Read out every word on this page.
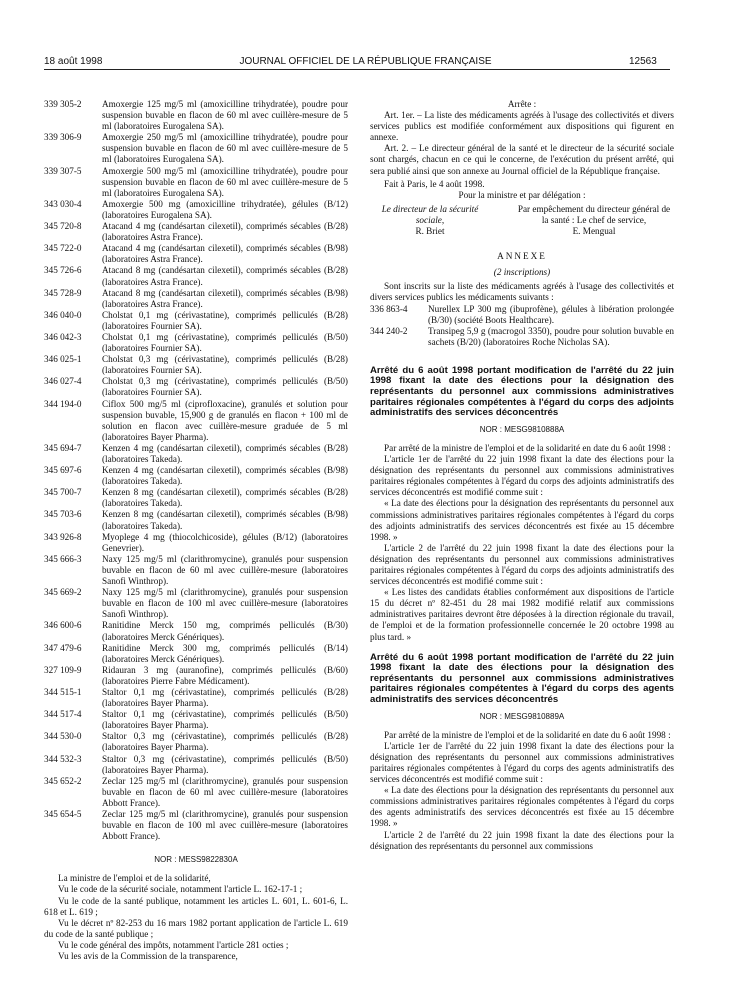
18 août 1998	JOURNAL OFFICIEL DE LA RÉPUBLIQUE FRANÇAISE	12563
339 305-2	Amoxergie 125 mg/5 ml (amoxicilline trihydratée), poudre pour suspension buvable en flacon de 60 ml avec cuillère-mesure de 5 ml (laboratoires Eurogalena SA).
339 306-9	Amoxergie 250 mg/5 ml (amoxicilline trihydratée), poudre pour suspension buvable en flacon de 60 ml avec cuillère-mesure de 5 ml (laboratoires Eurogalena SA).
339 307-5	Amoxergie 500 mg/5 ml (amoxicilline trihydratée), poudre pour suspension buvable en flacon de 60 ml avec cuillère-mesure de 5 ml (laboratoires Eurogalena SA).
343 030-4	Amoxergie 500 mg (amoxicilline trihydratée), gélules (B/12) (laboratoires Eurogalena SA).
345 720-8	Atacand 4 mg (candésartan cilexetil), comprimés sécables (B/28) (laboratoires Astra France).
345 722-0	Atacand 4 mg (candésartan cilexetil), comprimés sécables (B/98) (laboratoires Astra France).
345 726-6	Atacand 8 mg (candésartan cilexetil), comprimés sécables (B/28) (laboratoires Astra France).
345 728-9	Atacand 8 mg (candésartan cilexetil), comprimés sécables (B/98) (laboratoires Astra France).
346 040-0	Cholstat 0,1 mg (cérivastatine), comprimés pelliculés (B/28) (laboratoires Fournier SA).
346 042-3	Cholstat 0,1 mg (cérivastatine), comprimés pelliculés (B/50) (laboratoires Fournier SA).
346 025-1	Cholstat 0,3 mg (cérivastatine), comprimés pelliculés (B/28) (laboratoires Fournier SA).
346 027-4	Cholstat 0,3 mg (cérivastatine), comprimés pelliculés (B/50) (laboratoires Fournier SA).
344 194-0	Ciflox 500 mg/5 ml (ciprofloxacine), granulés et solution pour suspension buvable, 15,900 g de granulés en flacon + 100 ml de solution en flacon avec cuillère-mesure graduée de 5 ml (laboratoires Bayer Pharma).
345 694-7	Kenzen 4 mg (candésartan cilexetil), comprimés sécables (B/28) (laboratoires Takeda).
345 697-6	Kenzen 4 mg (candésartan cilexetil), comprimés sécables (B/98) (laboratoires Takeda).
345 700-7	Kenzen 8 mg (candésartan cilexetil), comprimés sécables (B/28) (laboratoires Takeda).
345 703-6	Kenzen 8 mg (candésartan cilexetil), comprimés sécables (B/98) (laboratoires Takeda).
343 926-8	Myoplege 4 mg (thiocolchicoside), gélules (B/12) (laboratoires Genevrier).
345 666-3	Naxy 125 mg/5 ml (clarithromycine), granulés pour suspension buvable en flacon de 60 ml avec cuillère-mesure (laboratoires Sanofi Winthrop).
345 669-2	Naxy 125 mg/5 ml (clarithromycine), granulés pour suspension buvable en flacon de 100 ml avec cuillère-mesure (laboratoires Sanofi Winthrop).
346 600-6	Ranitidine Merck 150 mg, comprimés pelliculés (B/30) (laboratoires Merck Génériques).
347 479-6	Ranitidine Merck 300 mg, comprimés pelliculés (B/14) (laboratoires Merck Génériques).
327 109-9	Ridauran 3 mg (auranofine), comprimés pelliculés (B/60) (laboratoires Pierre Fabre Médicament).
344 515-1	Staltor 0,1 mg (cérivastatine), comprimés pelliculés (B/28) (laboratoires Bayer Pharma).
344 517-4	Staltor 0,1 mg (cérivastatine), comprimés pelliculés (B/50) (laboratoires Bayer Pharma).
344 530-0	Staltor 0,3 mg (cérivastatine), comprimés pelliculés (B/28) (laboratoires Bayer Pharma).
344 532-3	Staltor 0,3 mg (cérivastatine), comprimés pelliculés (B/50) (laboratoires Bayer Pharma).
345 652-2	Zeclar 125 mg/5 ml (clarithromycine), granulés pour suspension buvable en flacon de 60 ml avec cuillère-mesure (laboratoires Abbott France).
345 654-5	Zeclar 125 mg/5 ml (clarithromycine), granulés pour suspension buvable en flacon de 100 ml avec cuillère-mesure (laboratoires Abbott France).
NOR : MESS9822830A

La ministre de l'emploi et de la solidarité,

Vu le code de la sécurité sociale, notamment l'article L. 162-17-1 ;

Vu le code de la santé publique, notamment les articles L. 601, L. 601-6, L. 618 et L. 619 ;

Vu le décret nº 82-253 du 16 mars 1982 portant application de l'article L. 619 du code de la santé publique ;

Vu le code général des impôts, notamment l'article 281 octies ;

Vu les avis de la Commission de la transparence,

Arrête :

Art. 1er. – La liste des médicaments agréés à l'usage des collectivités et divers services publics est modifiée conformément aux dispositions qui figurent en annexe.

Art. 2. – Le directeur général de la santé et le directeur de la sécurité sociale sont chargés, chacun en ce qui le concerne, de l'exécution du présent arrêté, qui sera publié ainsi que son annexe au Journal officiel de la République française.

Fait à Paris, le 4 août 1998.

Pour la ministre et par délégation :

Le directeur de la sécurité sociale,
R. Briet
Par empêchement du directeur général de la santé : Le chef de service,
E. Mengual

ANNEXE

(2 inscriptions)

Sont inscrits sur la liste des médicaments agréés à l'usage des collectivités et divers services publics les médicaments suivants :

336 863-4	Nurellex LP 300 mg (ibuprofène), gélules à libération prolongée (B/30) (société Boots Healthcare).
344 240-2	Transipeg 5,9 g (macrogol 3350), poudre pour solution buvable en sachets (B/20) (laboratoires Roche Nicholas SA).
Arrêté du 6 août 1998 portant modification de l'arrêté du 22 juin 1998 fixant la date des élections pour la désignation des représentants du personnel aux commissions administratives paritaires régionales compétentes à l'égard du corps des adjoints administratifs des services déconcentrés
NOR : MESG9810888A

Par arrêté de la ministre de l'emploi et de la solidarité en date du 6 août 1998 :

L'article 1er de l'arrêté du 22 juin 1998 fixant la date des élections pour la désignation des représentants du personnel aux commissions administratives paritaires régionales compétentes à l'égard du corps des adjoints administratifs des services déconcentrés est modifié comme suit :

« La date des élections pour la désignation des représentants du personnel aux commissions administratives paritaires régionales compétentes à l'égard du corps des adjoints administratifs des services déconcentrés est fixée au 15 décembre 1998. »

L'article 2 de l'arrêté du 22 juin 1998 fixant la date des élections pour la désignation des représentants du personnel aux commissions administratives paritaires régionales compétentes à l'égard du corps des adjoints administratifs des services déconcentrés est modifié comme suit :

« Les listes des candidats établies conformément aux dispositions de l'article 15 du décret nº 82-451 du 28 mai 1982 modifié relatif aux commissions administratives paritaires devront être déposées à la direction régionale du travail, de l'emploi et de la formation professionnelle concernée le 20 octobre 1998 au plus tard. »

Arrêté du 6 août 1998 portant modification de l'arrêté du 22 juin 1998 fixant la date des élections pour la désignation des représentants du personnel aux commissions administratives paritaires régionales compétentes à l'égard du corps des agents administratifs des services déconcentrés
NOR : MESG9810889A

Par arrêté de la ministre de l'emploi et de la solidarité en date du 6 août 1998 :

L'article 1er de l'arrêté du 22 juin 1998 fixant la date des élections pour la désignation des représentants du personnel aux commissions administratives paritaires régionales compétentes à l'égard du corps des agents administratifs des services déconcentrés est modifié comme suit :

« La date des élections pour la désignation des représentants du personnel aux commissions administratives paritaires régionales compétentes à l'égard du corps des agents administratifs des services déconcentrés est fixée au 15 décembre 1998. »

L'article 2 de l'arrêté du 22 juin 1998 fixant la date des élections pour la désignation des représentants du personnel aux commissions
